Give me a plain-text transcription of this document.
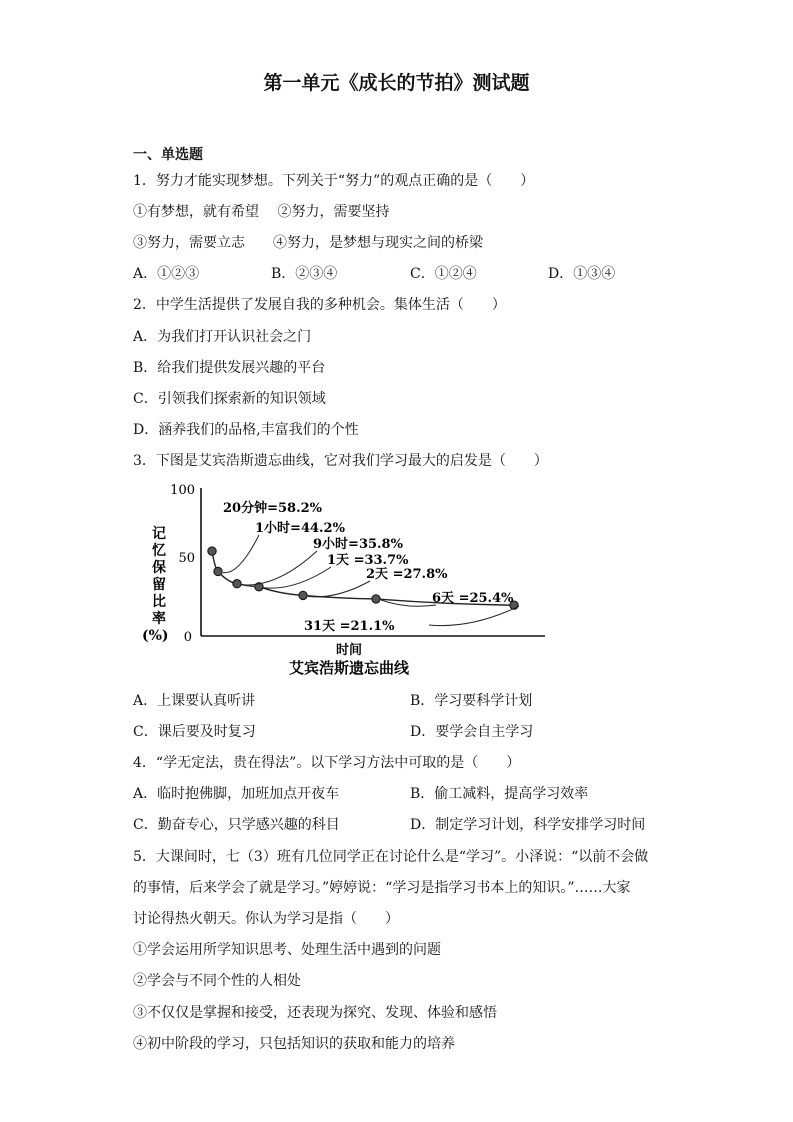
第一单元《成长的节拍》测试题
一、单选题
1．努力才能实现梦想。下列关于“努力”的观点正确的是（　　）
①有梦想，就有希望　 ②努力，需要坚持
③努力，需要立志　　④努力，是梦想与现实之间的桥梁
A．①②③	B．②③④	C．①②④	D．①③④
2．中学生活提供了发展自我的多种机会。集体生活（　　）
A．为我们打开认识社会之门
B．给我们提供发展兴趣的平台
C．引领我们探索新的知识领域
D．涵养我们的品格,丰富我们的个性
3．下图是艾宾浩斯遗忘曲线，它对我们学习最大的启发是（　　）
100
50
0
记忆保留比率(%)
20分钟=58.2%
1小时=44.2%
9小时=35.8%
1天 =33.7%
2天 =27.8%
6天 =25.4%
31天 =21.1%
时间
艾宾浩斯遗忘曲线
A．上课要认真听讲	B．学习要科学计划
C．课后要及时复习	D．要学会自主学习
4．“学无定法，贵在得法”。以下学习方法中可取的是（　　）
A．临时抱佛脚，加班加点开夜车	B．偷工减料，提高学习效率
C．勤奋专心，只学感兴趣的科目	D．制定学习计划，科学安排学习时间
5．大课间时，七（3）班有几位同学正在讨论什么是“学习”。小泽说：“以前不会做
的事情，后来学会了就是学习。”婷婷说：“学习是指学习书本上的知识。”……大家
讨论得热火朝天。你认为学习是指（　　）
①学会运用所学知识思考、处理生活中遇到的问题
②学会与不同个性的人相处
③不仅仅是掌握和接受，还表现为探究、发现、体验和感悟
④初中阶段的学习，只包括知识的获取和能力的培养
